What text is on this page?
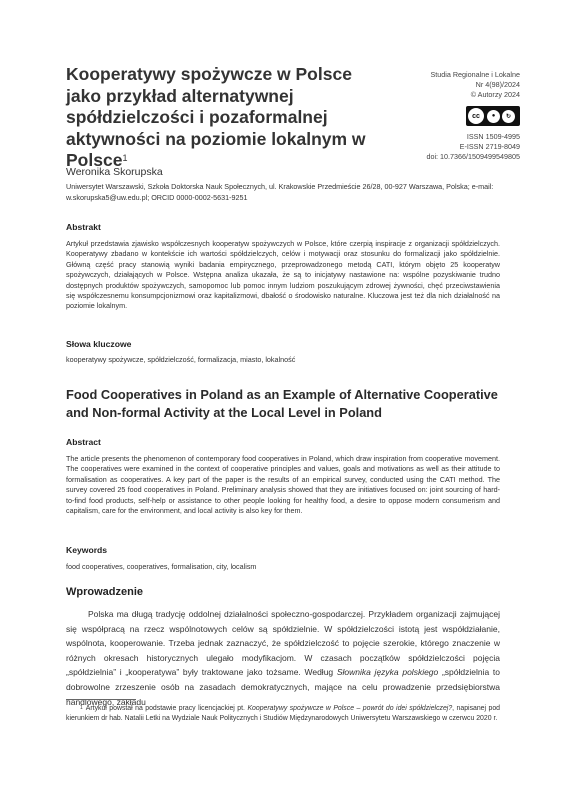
Kooperatywy spożywcze w Polsce jako przykład alternatywnej spółdzielczości i pozaformalnej aktywności na poziomie lokalnym w Polsce$^1$
Studia Regionalne i Lokalne
Nr 4(98)/2024
© Autorzy 2024
cc	●	↻
ISSN 1509-4995
E-ISSN 2719-8049
doi: 10.7366/1509499549805
Weronika Skorupska
Uniwersytet Warszawski, Szkoła Doktorska Nauk Społecznych, ul. Krakowskie Przedmieście 26/28, 00-927 Warszawa, Polska; e-mail: w.skorupska5@uw.edu.pl; ORCID 0000-0002-5631-9251
Abstrakt
Artykuł przedstawia zjawisko współczesnych kooperatyw spożywczych w Polsce, które czerpią inspiracje z organizacji spółdzielczych. Kooperatywy zbadano w kontekście ich wartości spółdzielczych, celów i motywacji oraz stosunku do formalizacji jako spółdzielnie. Główną część pracy stanowią wyniki badania empirycznego, przeprowadzonego metodą CATI, którym objęto 25 kooperatyw spożywczych, działających w Polsce. Wstępna analiza ukazała, że są to inicjatywy nastawione na: wspólne pozyskiwanie trudno dostępnych produktów spożywczych, samopomoc lub pomoc innym ludziom poszukującym zdrowej żywności, chęć przeciwstawienia się współczesnemu konsumpcjonizmowi oraz kapitalizmowi, dbałość o środowisko naturalne. Kluczowa jest też dla nich działalność na poziomie lokalnym.
Słowa kluczowe
kooperatywy spożywcze, spółdzielczość, formalizacja, miasto, lokalność
Food Cooperatives in Poland as an Example of Alternative Cooperative and Non-formal Activity at the Local Level in Poland
Abstract
The article presents the phenomenon of contemporary food cooperatives in Poland, which draw inspiration from cooperative movement. The cooperatives were examined in the context of cooperative principles and values, goals and motivations as well as their attitude to formalisation as cooperatives. A key part of the paper is the results of an empirical survey, conducted using the CATI method. The survey covered 25 food cooperatives in Poland. Preliminary analysis showed that they are initiatives focused on: joint sourcing of hard-to-find food products, self-help or assistance to other people looking for healthy food, a desire to oppose modern consumerism and capitalism, care for the environment, and local activity is also key for them.
Keywords
food cooperatives, cooperatives, formalisation, city, localism
Wprowadzenie
Polska ma długą tradycję oddolnej działalności społeczno-gospodarczej. Przykładem organizacji zajmującej się współpracą na rzecz wspólnotowych celów są spółdzielnie. W spółdzielczości istotą jest współdziałanie, wspólnota, kooperowanie. Trzeba jednak zaznaczyć, że spółdzielczość to pojęcie szerokie, którego znaczenie w różnych okresach historycznych ulegało modyfikacjom. W czasach początków spółdzielczości pojęcia „spółdzielnia” i „kooperatywa” były traktowane jako tożsame. Według Słownika języka polskiego „spółdzielnia to dobrowolne zrzeszenie osób na zasadach demokratycznych, mające na celu prowadzenie przedsiębiorstwa handlowego, zakładu
$^1$ Artykuł powstał na podstawie pracy licencjackiej pt. Kooperatywy spożywcze w Polsce – powrót do idei spółdzielczej?, napisanej pod kierunkiem dr hab. Natalii Letki na Wydziale Nauk Politycznych i Studiów Międzynarodowych Uniwersytetu Warszawskiego w czerwcu 2020 r.
